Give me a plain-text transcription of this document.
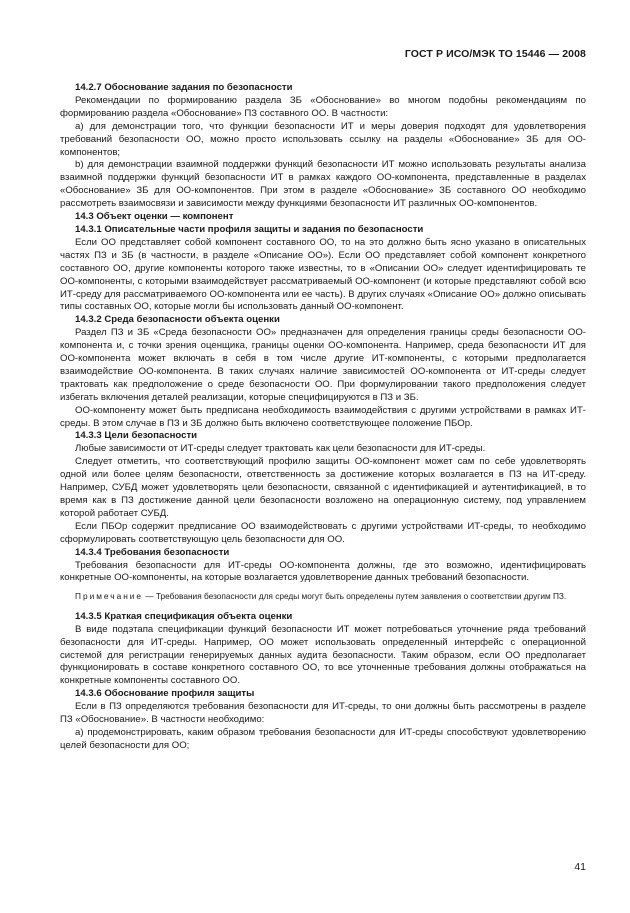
ГОСТ Р ИСО/МЭК ТО 15446 — 2008
14.2.7 Обоснование задания по безопасности
Рекомендации по формированию раздела ЗБ «Обоснование» во многом подобны рекомендациям по формированию раздела «Обоснование» ПЗ составного ОО. В частности:
а) для демонстрации того, что функции безопасности ИТ и меры доверия подходят для удовлетворения требований безопасности ОО, можно просто использовать ссылку на разделы «Обоснование» ЗБ для ОО-компонентов;
b) для демонстрации взаимной поддержки функций безопасности ИТ можно использовать результаты анализа взаимной поддержки функций безопасности ИТ в рамках каждого ОО-компонента, представленные в разделах «Обоснование» ЗБ для ОО-компонентов. При этом в разделе «Обоснование» ЗБ составного ОО необходимо рассмотреть взаимосвязи и зависимости между функциями безопасности ИТ различных ОО-компонентов.
14.3 Объект оценки — компонент
14.3.1 Описательные части профиля защиты и задания по безопасности
Если ОО представляет собой компонент составного ОО, то на это должно быть ясно указано в описательных частях ПЗ и ЗБ (в частности, в разделе «Описание ОО»). Если ОО представляет собой компонент конкретного составного ОО, другие компоненты которого также известны, то в «Описании ОО» следует идентифицировать те ОО-компоненты, с которыми взаимодействует рассматриваемый ОО-компонент (и которые представляют собой всю ИТ-среду для рассматриваемого ОО-компонента или ее часть). В других случаях «Описание ОО» должно описывать типы составных ОО, которые могли бы использовать данный ОО-компонент.
14.3.2 Среда безопасности объекта оценки
Раздел ПЗ и ЗБ «Среда безопасности ОО» предназначен для определения границы среды безопасности ОО-компонента и, с точки зрения оценщика, границы оценки ОО-компонента. Например, среда безопасности ИТ для ОО-компонента может включать в себя в том числе другие ИТ-компоненты, с которыми предполагается взаимодействие ОО-компонента. В таких случаях наличие зависимостей ОО-компонента от ИТ-среды следует трактовать как предположение о среде безопасности ОО. При формулировании такого предположения следует избегать включения деталей реализации, которые специфицируются в ПЗ и ЗБ.
ОО-компоненту может быть предписана необходимость взаимодействия с другими устройствами в рамках ИТ-среды. В этом случае в ПЗ и ЗБ должно быть включено соответствующее положение ПБОр.
14.3.3 Цели безопасности
Любые зависимости от ИТ-среды следует трактовать как цели безопасности для ИТ-среды.
Следует отметить, что соответствующий профилю защиты ОО-компонент может сам по себе удовлетворять одной или более целям безопасности, ответственность за достижение которых возлагается в ПЗ на ИТ-среду. Например, СУБД может удовлетворять цели безопасности, связанной с идентификацией и аутентификацией, в то время как в ПЗ достижение данной цели безопасности возложено на операционную систему, под управлением которой работает СУБД.
Если ПБОр содержит предписание ОО взаимодействовать с другими устройствами ИТ-среды, то необходимо сформулировать соответствующую цель безопасности для ОО.
14.3.4 Требования безопасности
Требования безопасности для ИТ-среды ОО-компонента должны, где это возможно, идентифицировать конкретные ОО-компоненты, на которые возлагается удовлетворение данных требований безопасности.
Примечание — Требования безопасности для среды могут быть определены путем заявления о соответствии другим ПЗ.
14.3.5 Краткая спецификация объекта оценки
В виде подэтапа спецификации функций безопасности ИТ может потребоваться уточнение ряда требований безопасности для ИТ-среды. Например, ОО может использовать определенный интерфейс с операционной системой для регистрации генерируемых данных аудита безопасности. Таким образом, если ОО предполагает функционировать в составе конкретного составного ОО, то все уточненные требования должны отображаться на конкретные компоненты составного ОО.
14.3.6 Обоснование профиля защиты
Если в ПЗ определяются требования безопасности для ИТ-среды, то они должны быть рассмотрены в разделе ПЗ «Обоснование». В частности необходимо:
а) продемонстрировать, каким образом требования безопасности для ИТ-среды способствуют удовлетворению целей безопасности для ОО;
41
